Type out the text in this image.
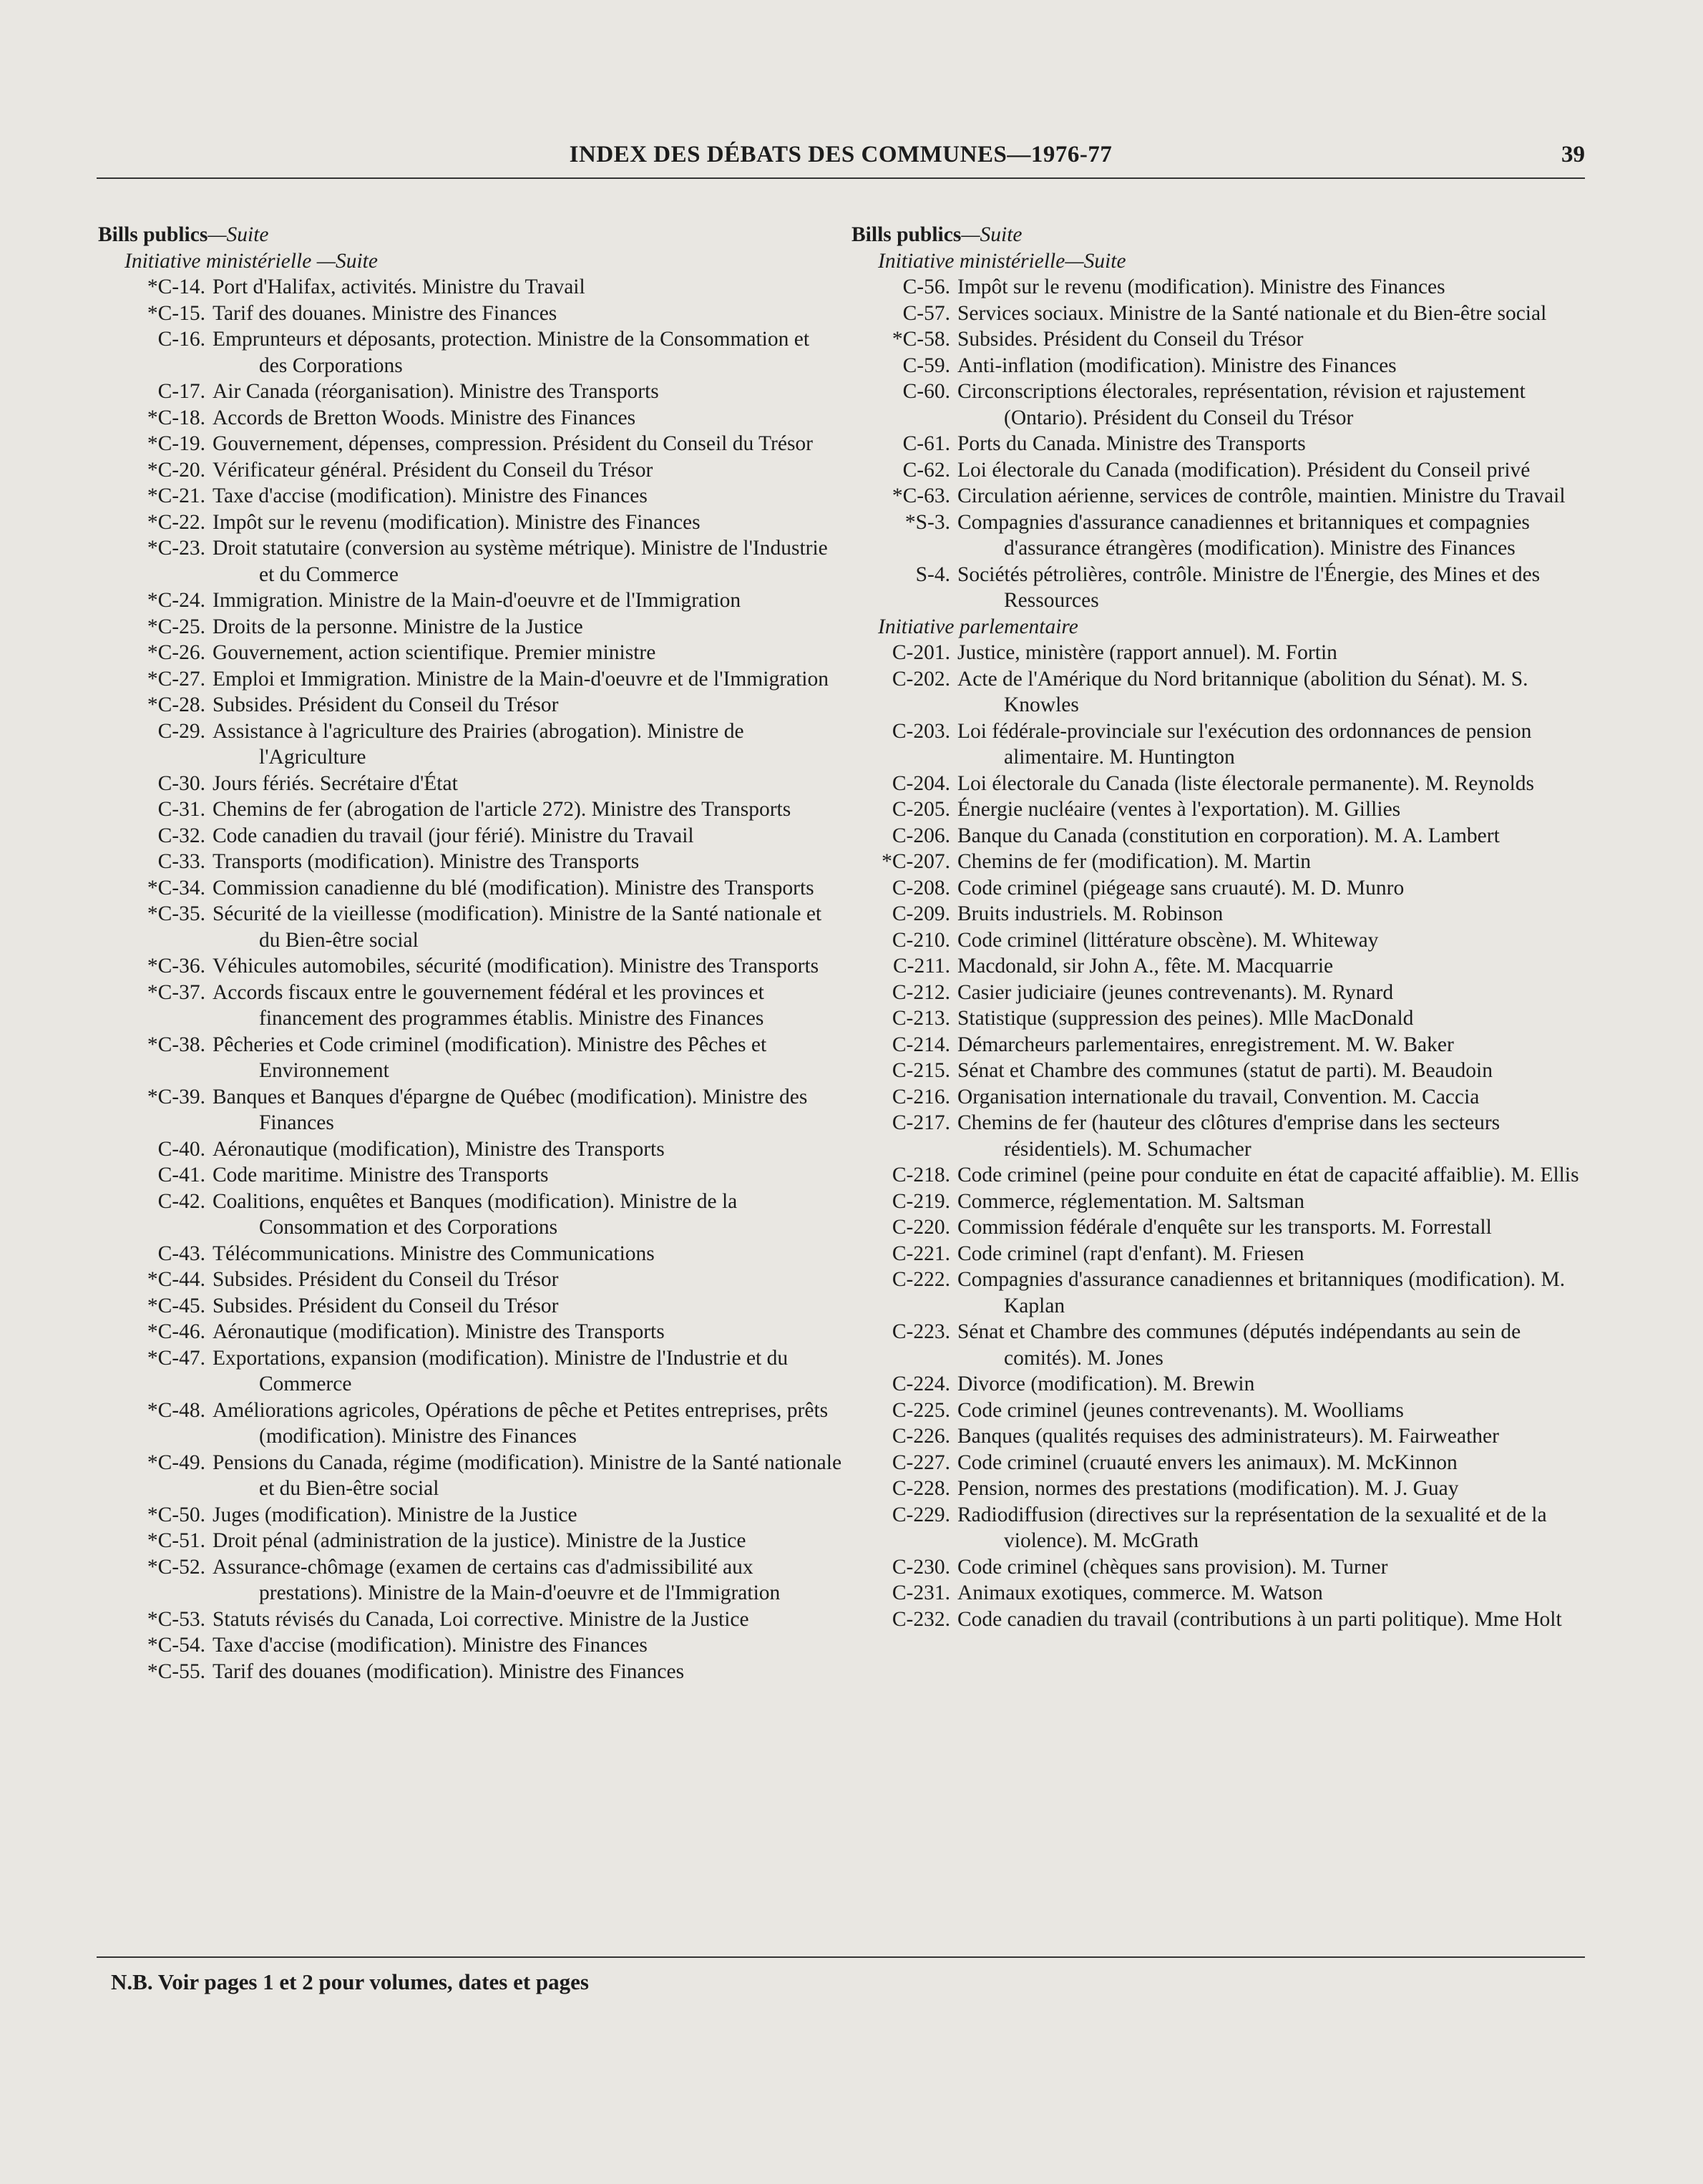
INDEX DES DÉBATS DES COMMUNES—1976-77	39
Bills publics—Suite
Initiative ministérielle —Suite
*C-14. Port d'Halifax, activités. Ministre du Travail
*C-15. Tarif des douanes. Ministre des Finances
C-16. Emprunteurs et déposants, protection. Ministre de la Consommation et des Corporations
C-17. Air Canada (réorganisation). Ministre des Transports
*C-18. Accords de Bretton Woods. Ministre des Finances
*C-19. Gouvernement, dépenses, compression. Président du Conseil du Trésor
*C-20. Vérificateur général. Président du Conseil du Trésor
*C-21. Taxe d'accise (modification). Ministre des Finances
*C-22. Impôt sur le revenu (modification). Ministre des Finances
*C-23. Droit statutaire (conversion au système métrique). Ministre de l'Industrie et du Commerce
*C-24. Immigration. Ministre de la Main-d'oeuvre et de l'Immigration
*C-25. Droits de la personne. Ministre de la Justice
*C-26. Gouvernement, action scientifique. Premier ministre
*C-27. Emploi et Immigration. Ministre de la Main-d'oeuvre et de l'Immigration
*C-28. Subsides. Président du Conseil du Trésor
C-29. Assistance à l'agriculture des Prairies (abrogation). Ministre de l'Agriculture
C-30. Jours fériés. Secrétaire d'État
C-31. Chemins de fer (abrogation de l'article 272). Ministre des Transports
C-32. Code canadien du travail (jour férié). Ministre du Travail
C-33. Transports (modification). Ministre des Transports
*C-34. Commission canadienne du blé (modification). Ministre des Transports
*C-35. Sécurité de la vieillesse (modification). Ministre de la Santé nationale et du Bien-être social
*C-36. Véhicules automobiles, sécurité (modification). Ministre des Transports
*C-37. Accords fiscaux entre le gouvernement fédéral et les provinces et financement des programmes établis. Ministre des Finances
*C-38. Pêcheries et Code criminel (modification). Ministre des Pêches et Environnement
*C-39. Banques et Banques d'épargne de Québec (modification). Ministre des Finances
C-40. Aéronautique (modification), Ministre des Transports
C-41. Code maritime. Ministre des Transports
C-42. Coalitions, enquêtes et Banques (modification). Ministre de la Consommation et des Corporations
C-43. Télécommunications. Ministre des Communications
*C-44. Subsides. Président du Conseil du Trésor
*C-45. Subsides. Président du Conseil du Trésor
*C-46. Aéronautique (modification). Ministre des Transports
*C-47. Exportations, expansion (modification). Ministre de l'Industrie et du Commerce
*C-48. Améliorations agricoles, Opérations de pêche et Petites entreprises, prêts (modification). Ministre des Finances
*C-49. Pensions du Canada, régime (modification). Ministre de la Santé nationale et du Bien-être social
*C-50. Juges (modification). Ministre de la Justice
*C-51. Droit pénal (administration de la justice). Ministre de la Justice
*C-52. Assurance-chômage (examen de certains cas d'admissibilité aux prestations). Ministre de la Main-d'oeuvre et de l'Immigration
*C-53. Statuts révisés du Canada, Loi corrective. Ministre de la Justice
*C-54. Taxe d'accise (modification). Ministre des Finances
*C-55. Tarif des douanes (modification). Ministre des Finances
Bills publics—Suite
Initiative ministérielle—Suite
C-56. Impôt sur le revenu (modification). Ministre des Finances
C-57. Services sociaux. Ministre de la Santé nationale et du Bien-être social
*C-58. Subsides. Président du Conseil du Trésor
C-59. Anti-inflation (modification). Ministre des Finances
C-60. Circonscriptions électorales, représentation, révision et rajustement (Ontario). Président du Conseil du Trésor
C-61. Ports du Canada. Ministre des Transports
C-62. Loi électorale du Canada (modification). Président du Conseil privé
*C-63. Circulation aérienne, services de contrôle, maintien. Ministre du Travail
*S-3. Compagnies d'assurance canadiennes et britanniques et compagnies d'assurance étrangères (modification). Ministre des Finances
S-4. Sociétés pétrolières, contrôle. Ministre de l'Énergie, des Mines et des Ressources
Initiative parlementaire
C-201. Justice, ministère (rapport annuel). M. Fortin
C-202. Acte de l'Amérique du Nord britannique (abolition du Sénat). M. S. Knowles
C-203. Loi fédérale-provinciale sur l'exécution des ordonnances de pension alimentaire. M. Huntington
C-204. Loi électorale du Canada (liste électorale permanente). M. Reynolds
C-205. Énergie nucléaire (ventes à l'exportation). M. Gillies
C-206. Banque du Canada (constitution en corporation). M. A. Lambert
*C-207. Chemins de fer (modification). M. Martin
C-208. Code criminel (piégeage sans cruauté). M. D. Munro
C-209. Bruits industriels. M. Robinson
C-210. Code criminel (littérature obscène). M. Whiteway
C-211. Macdonald, sir John A., fête. M. Macquarrie
C-212. Casier judiciaire (jeunes contrevenants). M. Rynard
C-213. Statistique (suppression des peines). Mlle MacDonald
C-214. Démarcheurs parlementaires, enregistrement. M. W. Baker
C-215. Sénat et Chambre des communes (statut de parti). M. Beaudoin
C-216. Organisation internationale du travail, Convention. M. Caccia
C-217. Chemins de fer (hauteur des clôtures d'emprise dans les secteurs résidentiels). M. Schumacher
C-218. Code criminel (peine pour conduite en état de capacité affaiblie). M. Ellis
C-219. Commerce, réglementation. M. Saltsman
C-220. Commission fédérale d'enquête sur les transports. M. Forrestall
C-221. Code criminel (rapt d'enfant). M. Friesen
C-222. Compagnies d'assurance canadiennes et britanniques (modification). M. Kaplan
C-223. Sénat et Chambre des communes (députés indépendants au sein de comités). M. Jones
C-224. Divorce (modification). M. Brewin
C-225. Code criminel (jeunes contrevenants). M. Woolliams
C-226. Banques (qualités requises des administrateurs). M. Fairweather
C-227. Code criminel (cruauté envers les animaux). M. McKinnon
C-228. Pension, normes des prestations (modification). M. J. Guay
C-229. Radiodiffusion (directives sur la représentation de la sexualité et de la violence). M. McGrath
C-230. Code criminel (chèques sans provision). M. Turner
C-231. Animaux exotiques, commerce. M. Watson
C-232. Code canadien du travail (contributions à un parti politique). Mme Holt
N.B. Voir pages 1 et 2 pour volumes, dates et pages
